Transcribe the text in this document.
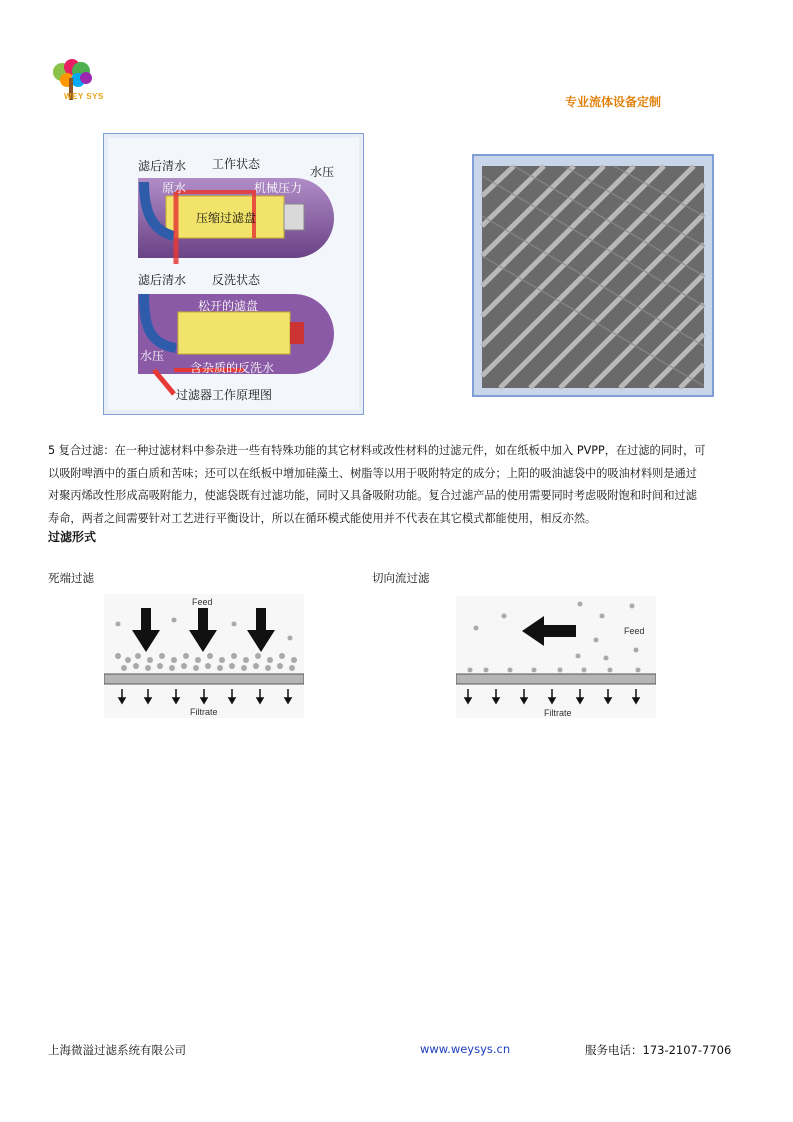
WEY SYS	专业流体设备定制
工作状态
滤后清水	水压
原水	机械压力
压缩过滤盘
滤后清水 反洗状态
松开的滤盘
水压
含杂质的反洗水
过滤器工作原理图
5 复合过滤：在一种过滤材料中参杂进一些有特殊功能的其它材料或改性材料的过滤元件，如在纸板中加入 PVPP，在过滤的同时，可
以吸附啤酒中的蛋白质和苦味；还可以在纸板中增加硅藻土、树脂等以用于吸附特定的成分；上阳的吸油滤袋中的吸油材料则是通过
对聚丙烯改性形成高吸附能力，使滤袋既有过滤功能，同时又具备吸附功能。复合过滤产品的使用需要同时考虑吸附饱和时间和过滤
寿命，两者之间需要针对工艺进行平衡设计，所以在循环模式能使用并不代表在其它模式都能使用，相反亦然。
过滤形式
死端过滤	切向流过滤
Feed
Filtrate
Feed
Filtrate
上海微溢过滤系统有限公司	www.weysys.cn	服务电话：173-2107-7706
